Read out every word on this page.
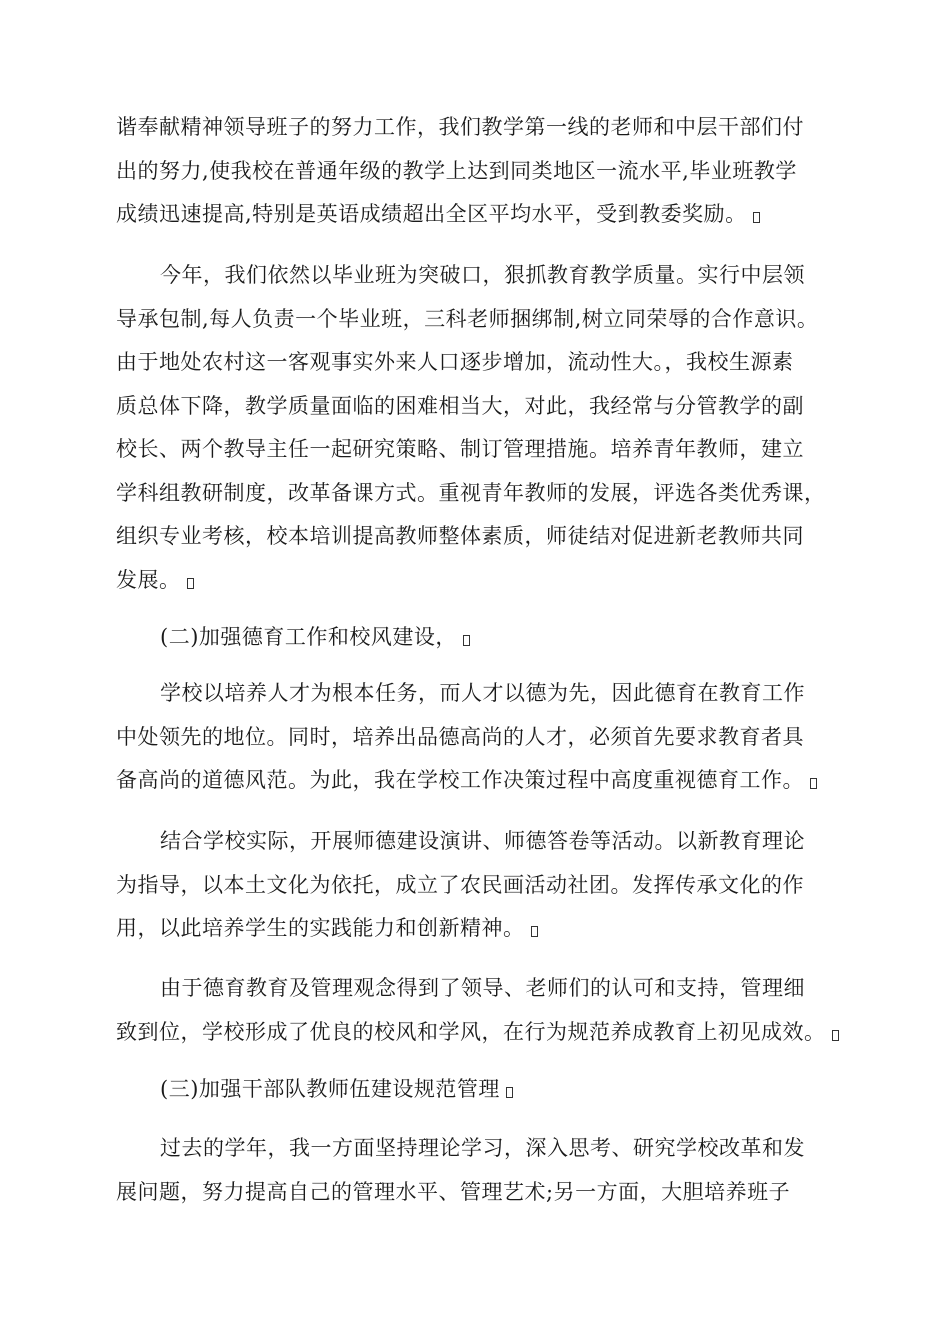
谐奉献精神领导班子的努力工作，我们教学第一线的老师和中层干部们付
出的努力,使我校在普通年级的教学上达到同类地区一流水平,毕业班教学
成绩迅速提高,特别是英语成绩超出全区平均水平，受到教委奖励。

今年，我们依然以毕业班为突破口，狠抓教育教学质量。实行中层领
导承包制,每人负责一个毕业班，三科老师捆绑制,树立同荣辱的合作意识。
由于地处农村这一客观事实外来人口逐步增加，流动性大。，我校生源素
质总体下降，教学质量面临的困难相当大，对此，我经常与分管教学的副
校长、两个教导主任一起研究策略、制订管理措施。培养青年教师，建立
学科组教研制度，改革备课方式。重视青年教师的发展，评选各类优秀课，
组织专业考核，校本培训提高教师整体素质，师徒结对促进新老教师共同
发展。

(二)加强德育工作和校风建设，

学校以培养人才为根本任务，而人才以德为先，因此德育在教育工作
中处领先的地位。同时，培养出品德高尚的人才，必须首先要求教育者具
备高尚的道德风范。为此，我在学校工作决策过程中高度重视德育工作。

结合学校实际，开展师德建设演讲、师德答卷等活动。以新教育理论
为指导，以本土文化为依托，成立了农民画活动社团。发挥传承文化的作
用，以此培养学生的实践能力和创新精神。

由于德育教育及管理观念得到了领导、老师们的认可和支持，管理细
致到位，学校形成了优良的校风和学风，在行为规范养成教育上初见成效。

(三)加强干部队教师伍建设规范管理

过去的学年，我一方面坚持理论学习，深入思考、研究学校改革和发
展问题，努力提高自己的管理水平、管理艺术;另一方面，大胆培养班子
